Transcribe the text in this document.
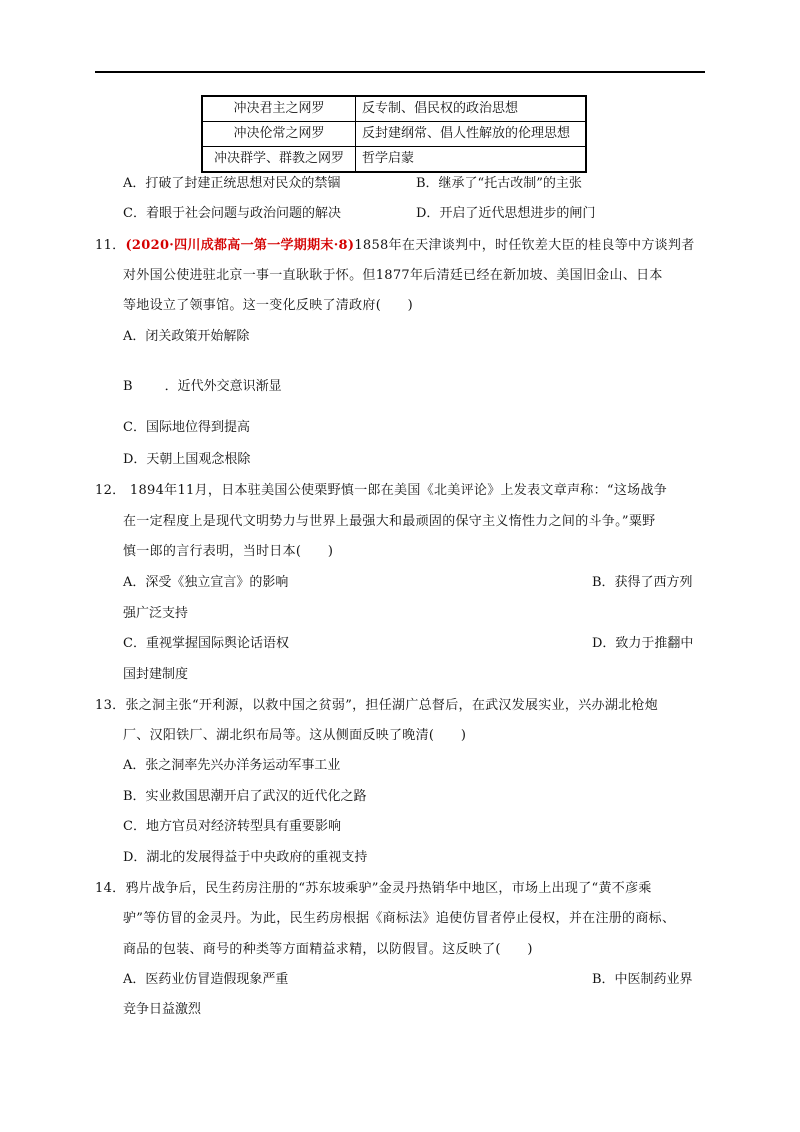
冲决君主之网罗	反专制、倡民权的政治思想
冲决伦常之网罗	反封建纲常、倡人性解放的伦理思想
冲决群学、群教之网罗	哲学启蒙
A．打破了封建正统思想对民众的禁锢	B．继承了“托古改制”的主张
C．着眼于社会问题与政治问题的解决	D．开启了近代思想进步的闸门
11．(2020·四川成都高一第一学期期末·8)1858年在天津谈判中，时任钦差大臣的桂良等中方谈判者
对外国公使进驻北京一事一直耿耿于怀。但1877年后清廷已经在新加坡、美国旧金山、日本
等地设立了领事馆。这一变化反映了清政府(　　)
A．闭关政策开始解除
B ．近代外交意识渐显
C．国际地位得到提高
D．天朝上国观念根除
12． 1894年11月，日本驻美国公使栗野慎一郎在美国《北美评论》上发表文章声称：“这场战争
在一定程度上是现代文明势力与世界上最强大和最顽固的保守主义惰性力之间的斗争。”粟野
慎一郎的言行表明，当时日本(　　)
A．深受《独立宣言》的影响	B．获得了西方列
强广泛支持
C．重视掌握国际舆论话语权	D．致力于推翻中
国封建制度
13．张之洞主张“开利源，以救中国之贫弱”，担任湖广总督后，在武汉发展实业，兴办湖北枪炮
厂、汉阳铁厂、湖北织布局等。这从侧面反映了晚清(　　)
A．张之洞率先兴办洋务运动军事工业
B．实业救国思潮开启了武汉的近代化之路
C．地方官员对经济转型具有重要影响
D．湖北的发展得益于中央政府的重视支持
14．鸦片战争后，民生药房注册的“苏东坡乘驴”金灵丹热销华中地区，市场上出现了“黄不彦乘
驴”等仿冒的金灵丹。为此，民生药房根据《商标法》追使仿冒者停止侵权，并在注册的商标、
商品的包装、商号的种类等方面精益求精，以防假冒。这反映了(　　)
A．医药业仿冒造假现象严重	B．中医制药业界
竞争日益激烈
